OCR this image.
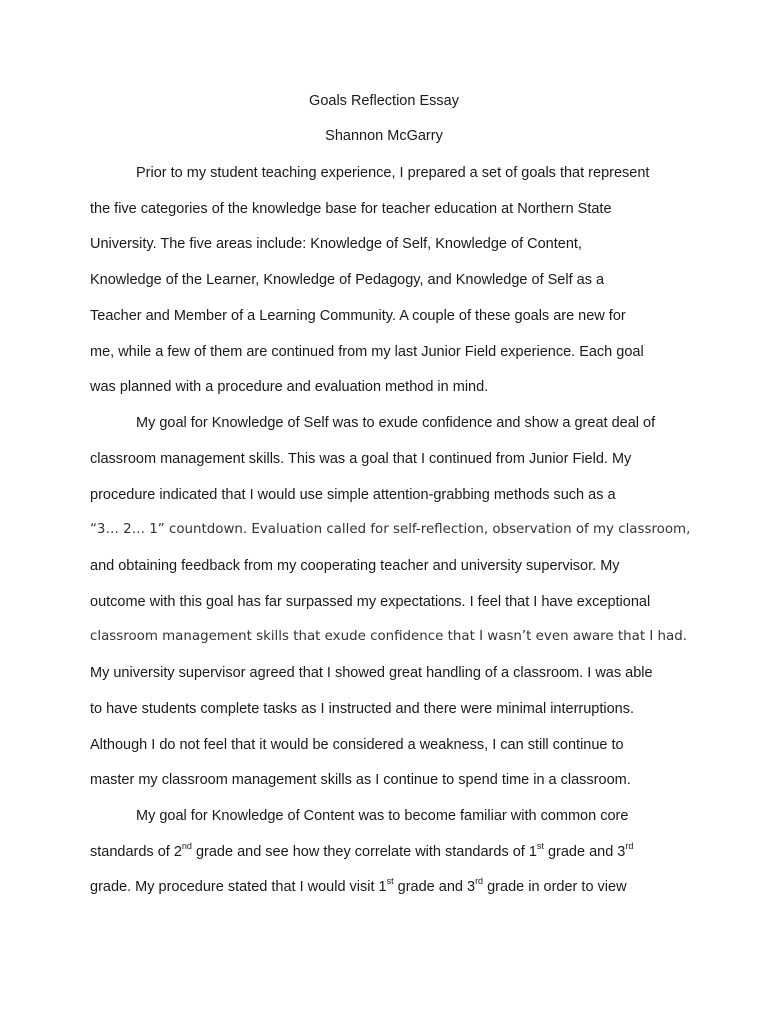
Goals Reflection Essay

Shannon McGarry

Prior to my student teaching experience, I prepared a set of goals that represent

the five categories of the knowledge base for teacher education at Northern State

University. The five areas include: Knowledge of Self, Knowledge of Content,

Knowledge of the Learner, Knowledge of Pedagogy, and Knowledge of Self as a

Teacher and Member of a Learning Community. A couple of these goals are new for

me, while a few of them are continued from my last Junior Field experience. Each goal

was planned with a procedure and evaluation method in mind.

My goal for Knowledge of Self was to exude confidence and show a great deal of

classroom management skills. This was a goal that I continued from Junior Field. My

procedure indicated that I would use simple attention-grabbing methods such as a

“3… 2… 1” countdown. Evaluation called for self-reflection, observation of my classroom,

and obtaining feedback from my cooperating teacher and university supervisor. My

outcome with this goal has far surpassed my expectations. I feel that I have exceptional

classroom management skills that exude confidence that I wasn’t even aware that I had.

My university supervisor agreed that I showed great handling of a classroom. I was able

to have students complete tasks as I instructed and there were minimal interruptions.

Although I do not feel that it would be considered a weakness, I can still continue to

master my classroom management skills as I continue to spend time in a classroom.

My goal for Knowledge of Content was to become familiar with common core

standards of 2nd grade and see how they correlate with standards of 1st grade and 3rd

grade. My procedure stated that I would visit 1st grade and 3rd grade in order to view
